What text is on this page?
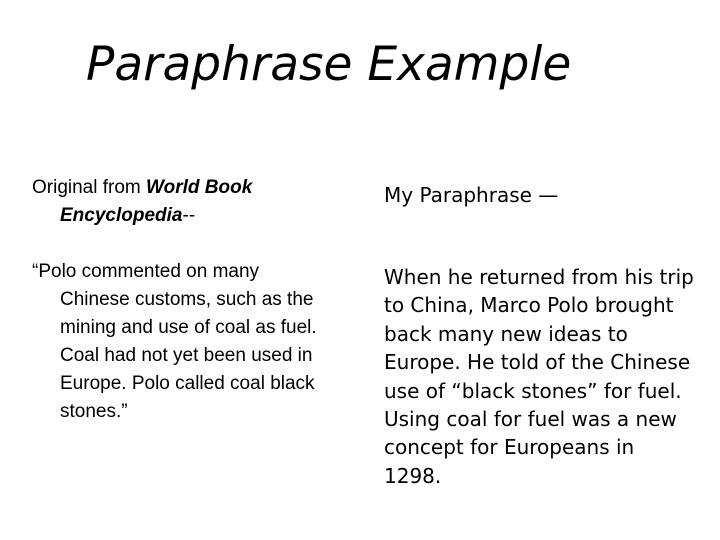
Paraphrase Example

Original from World Book Encyclopedia--

“Polo commented on many Chinese customs, such as the mining and use of coal as fuel. Coal had not yet been used in Europe. Polo called coal black stones.”

My Paraphrase —

When he returned from his trip to China, Marco Polo brought back many new ideas to Europe. He told of the Chinese use of “black stones” for fuel. Using coal for fuel was a new concept for Europeans in 1298.
